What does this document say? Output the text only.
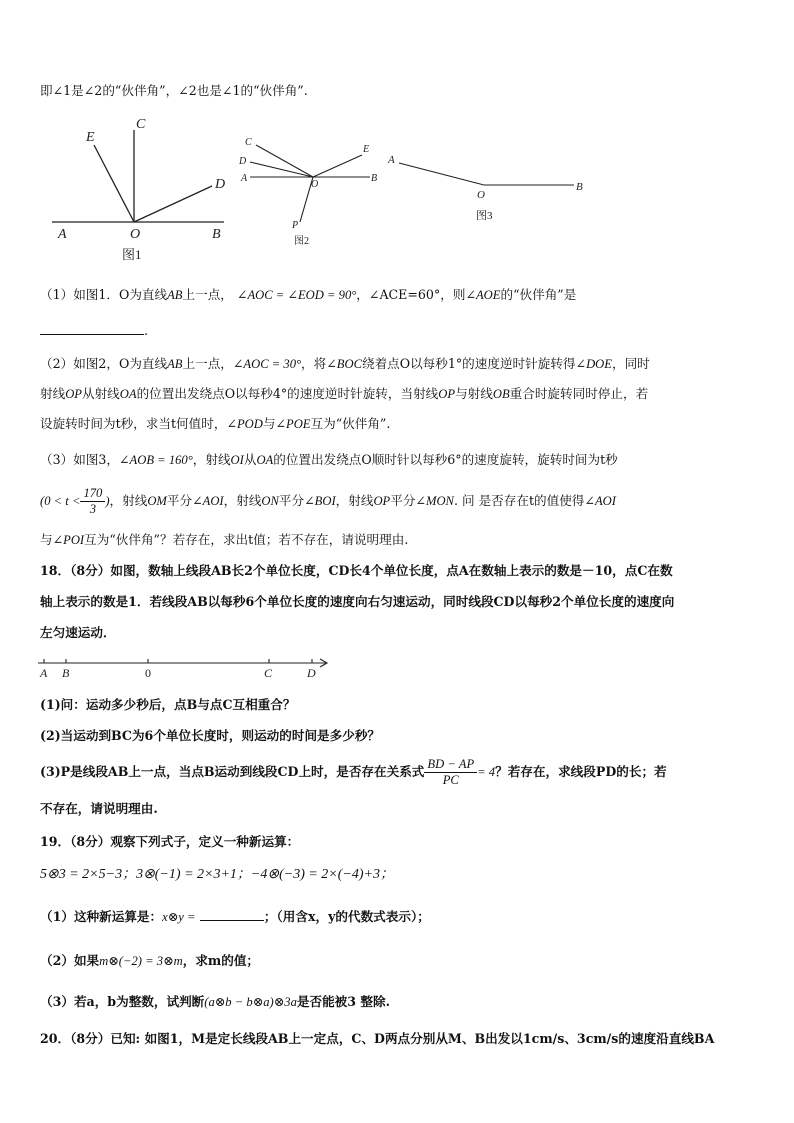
即∠1是∠2的“伙伴角”，∠2也是∠1的“伙伴角”.
A	B
C
E
D
O
图1
A	B
C
D
E
O
P
图2
A
B
O
图3
（1）如图1．O为直线AB上一点， ∠AOC = ∠EOD = 90°，∠ACE=60°，则∠AOE的“伙伴角”是
.
（2）如图2，O为直线AB上一点，∠AOC = 30°，将∠BOC绕着点O以每秒1°的速度逆时针旋转得∠DOE，同时
射线OP从射线OA的位置出发绕点O以每秒4°的速度逆时针旋转，当射线OP与射线OB重合时旋转同时停止，若
设旋转时间为t秒，求当t何值时，∠POD与∠POE互为“伙伴角”.
（3）如图3，∠AOB = 160°，射线OI从OA的位置出发绕点O顺时针以每秒6°的速度旋转，旋转时间为t秒
($0 < t < \frac{170}{3}$ )，射线OM平分∠AOI，射线ON平分∠BOI，射线OP平分∠MON. 问 是否存在t的值使得∠AOI
与∠POI互为“伙伴角”？若存在，求出t值；若不存在，请说明理由.
18．（8分）如图，数轴上线段AB长2个单位长度，CD长4个单位长度，点A在数轴上表示的数是－10，点C在数
轴上表示的数是1．若线段AB以每秒6个单位长度的速度向右匀速运动，同时线段CD以每秒2个单位长度的速度向
左匀速运动．
A B	0	C	D
(1)问：运动多少秒后，点B与点C互相重合？
(2)当运动到BC为6个单位长度时，则运动的时间是多少秒？
(3)P是线段AB上一点，当点B运动到线段CD上时，是否存在关系式 $\frac{BD - AP}{PC} = 4$？若存在，求线段PD的长；若
不存在，请说明理由.
19．（8分）观察下列式子，定义一种新运算：
5⊗3 = 2×5−3；3⊗(−1) = 2×3+1；−4⊗(−3) = 2×(−4)+3；
（1）这种新运算是：x⊗y =	；（用含x，y的代数式表示）；
（2）如果m⊗(−2) = 3⊗m，求m的值；
（3）若a，b为整数，试判断(a⊗b − b⊗a)⊗3a是否能被3 整除.
20．（8分）已知: 如图1，M是定长线段AB上一定点，C、D两点分别从M、B出发以1cm/s、3cm/s的速度沿直线BA
